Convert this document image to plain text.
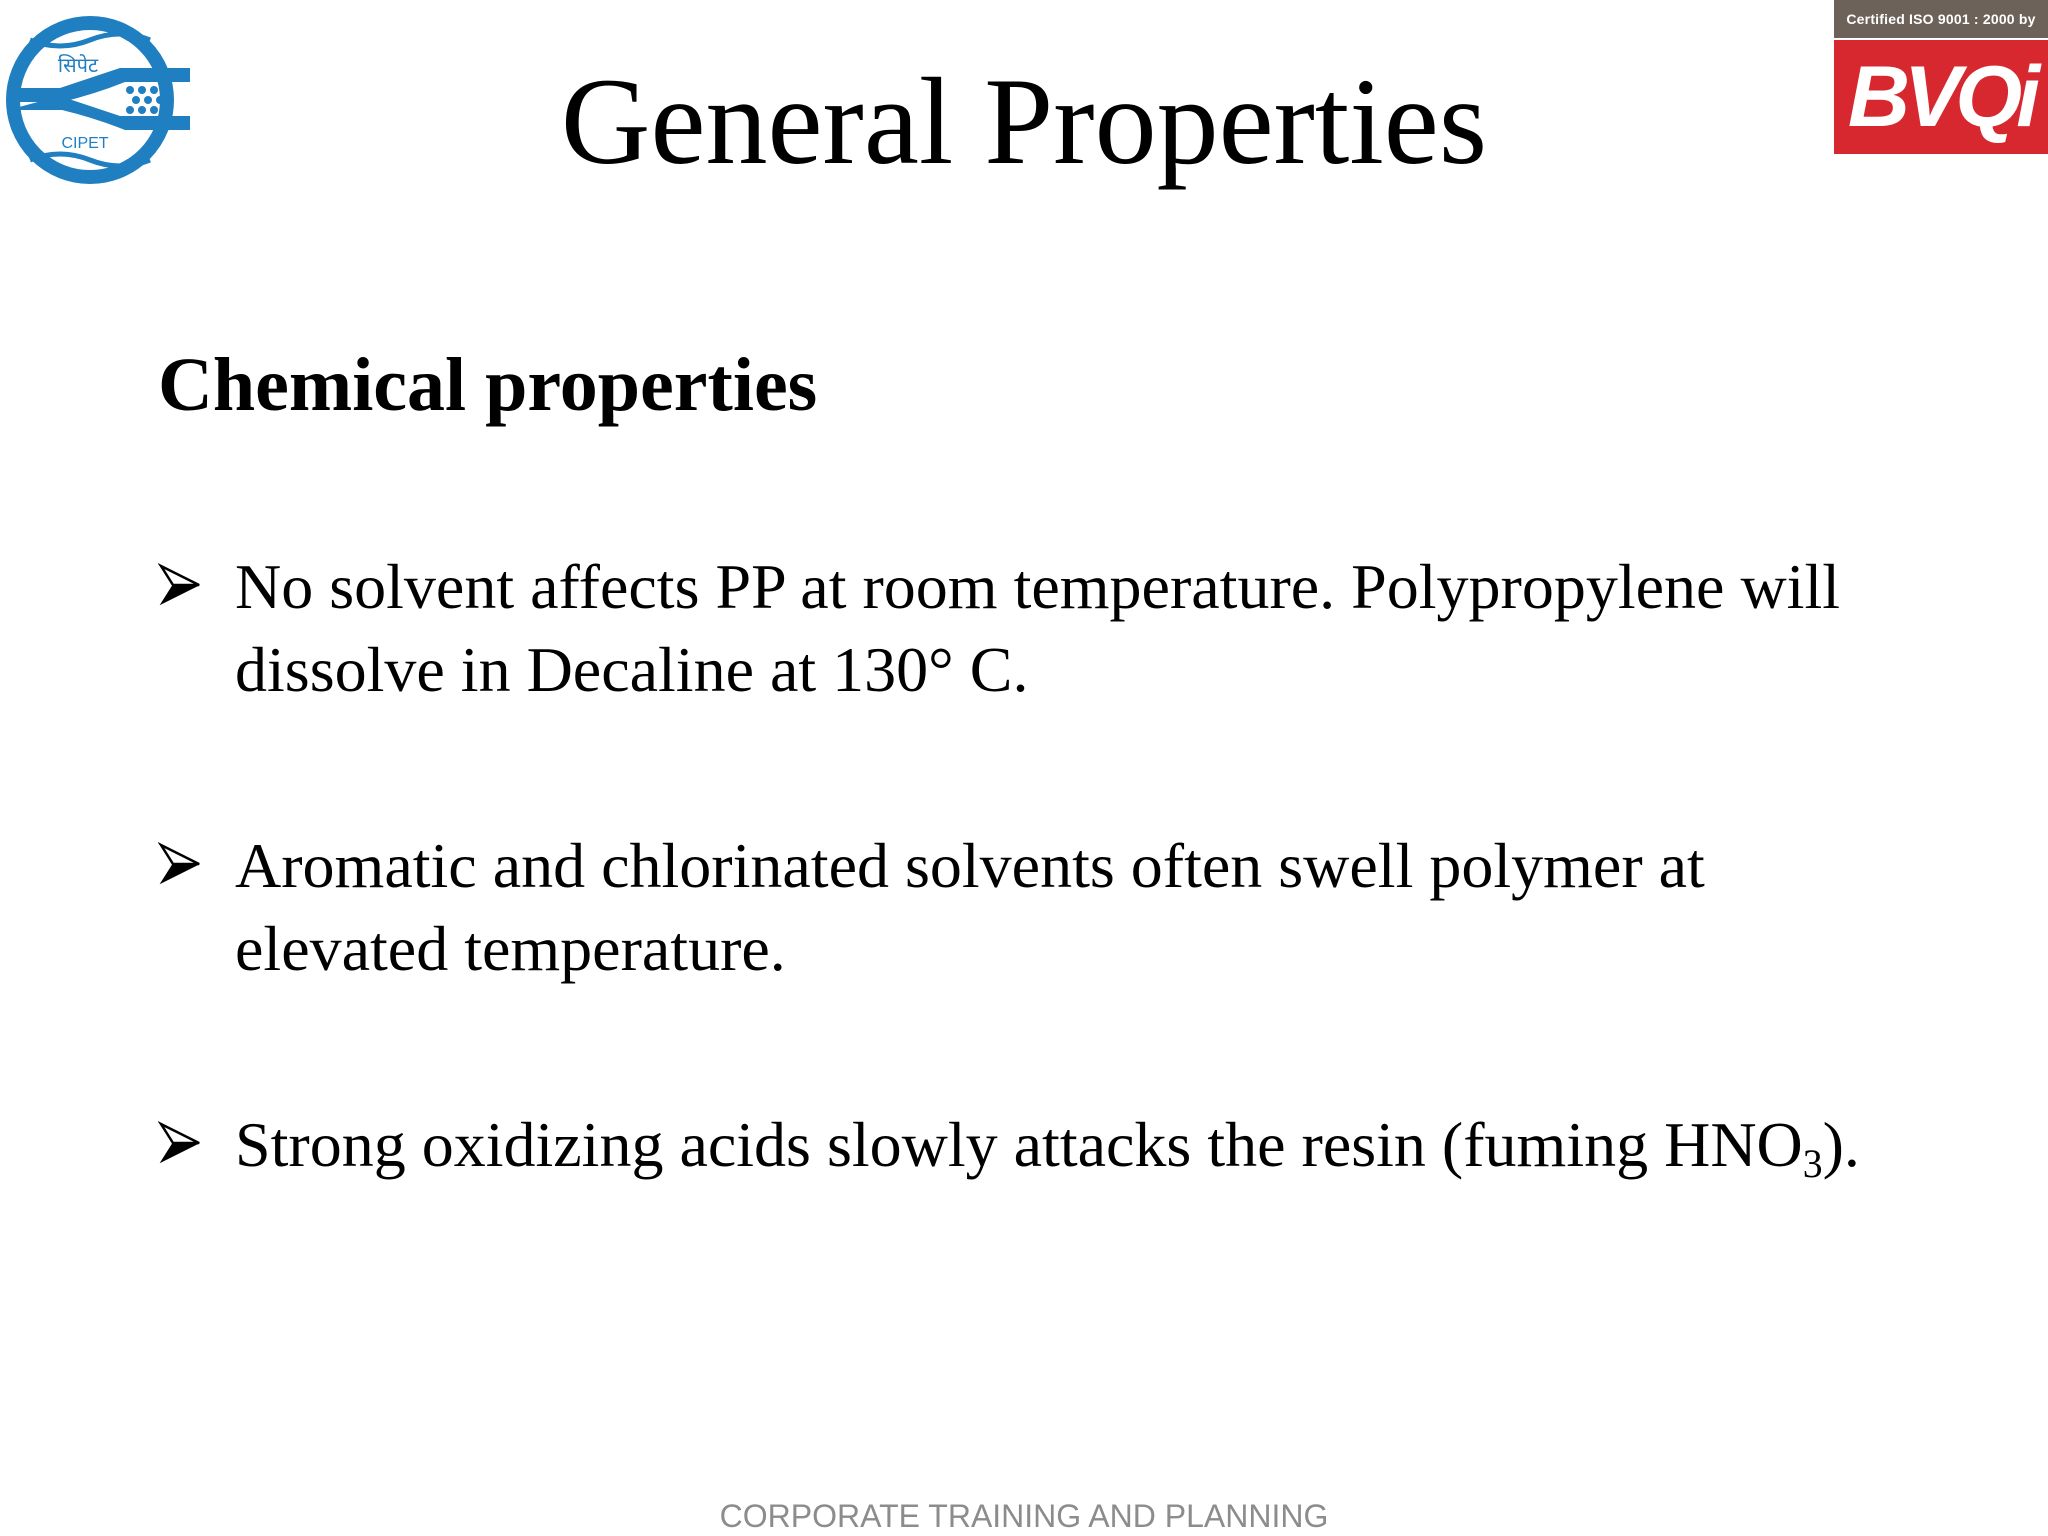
सिपेट
CIPET
Certified ISO 9001 : 2000 by
BVQi
General Properties
Chemical properties
No solvent affects PP at room temperature. Polypropylene will dissolve in Decaline at 130° C.
Aromatic and chlorinated solvents often swell polymer at elevated temperature.
Strong oxidizing acids slowly attacks the resin (fuming $HNO_3$).
CORPORATE TRAINING AND PLANNING
